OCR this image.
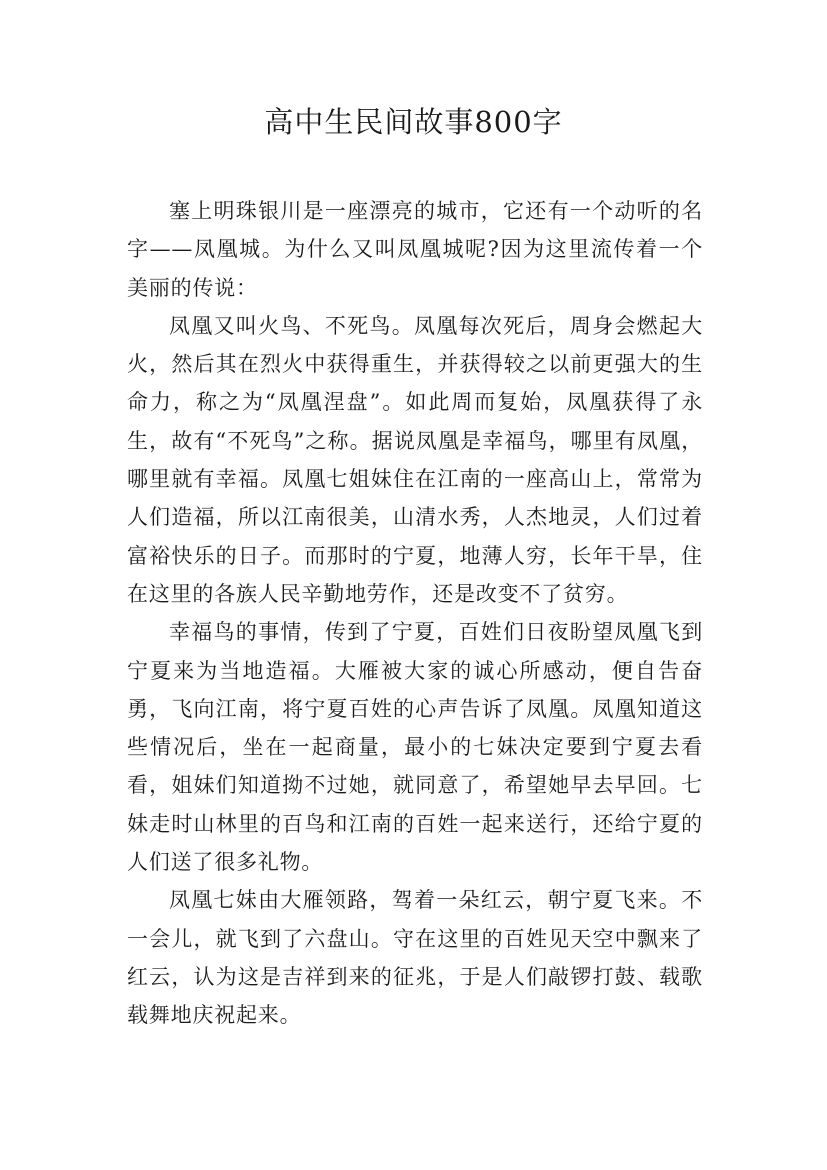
高中生民间故事800字

塞上明珠银川是一座漂亮的城市，它还有一个动听的名字——凤凰城。为什么又叫凤凰城呢?因为这里流传着一个美丽的传说：

凤凰又叫火鸟、不死鸟。凤凰每次死后，周身会燃起大火，然后其在烈火中获得重生，并获得较之以前更强大的生命力，称之为“凤凰涅盘”。如此周而复始，凤凰获得了永生，故有“不死鸟”之称。据说凤凰是幸福鸟，哪里有凤凰，哪里就有幸福。凤凰七姐妹住在江南的一座高山上，常常为人们造福，所以江南很美，山清水秀，人杰地灵，人们过着富裕快乐的日子。而那时的宁夏，地薄人穷，长年干旱，住在这里的各族人民辛勤地劳作，还是改变不了贫穷。

幸福鸟的事情，传到了宁夏，百姓们日夜盼望凤凰飞到宁夏来为当地造福。大雁被大家的诚心所感动，便自告奋勇，飞向江南，将宁夏百姓的心声告诉了凤凰。凤凰知道这些情况后，坐在一起商量，最小的七妹决定要到宁夏去看看，姐妹们知道拗不过她，就同意了，希望她早去早回。七妹走时山林里的百鸟和江南的百姓一起来送行，还给宁夏的人们送了很多礼物。

凤凰七妹由大雁领路，驾着一朵红云，朝宁夏飞来。不一会儿，就飞到了六盘山。守在这里的百姓见天空中飘来了红云，认为这是吉祥到来的征兆，于是人们敲锣打鼓、载歌载舞地庆祝起来。
